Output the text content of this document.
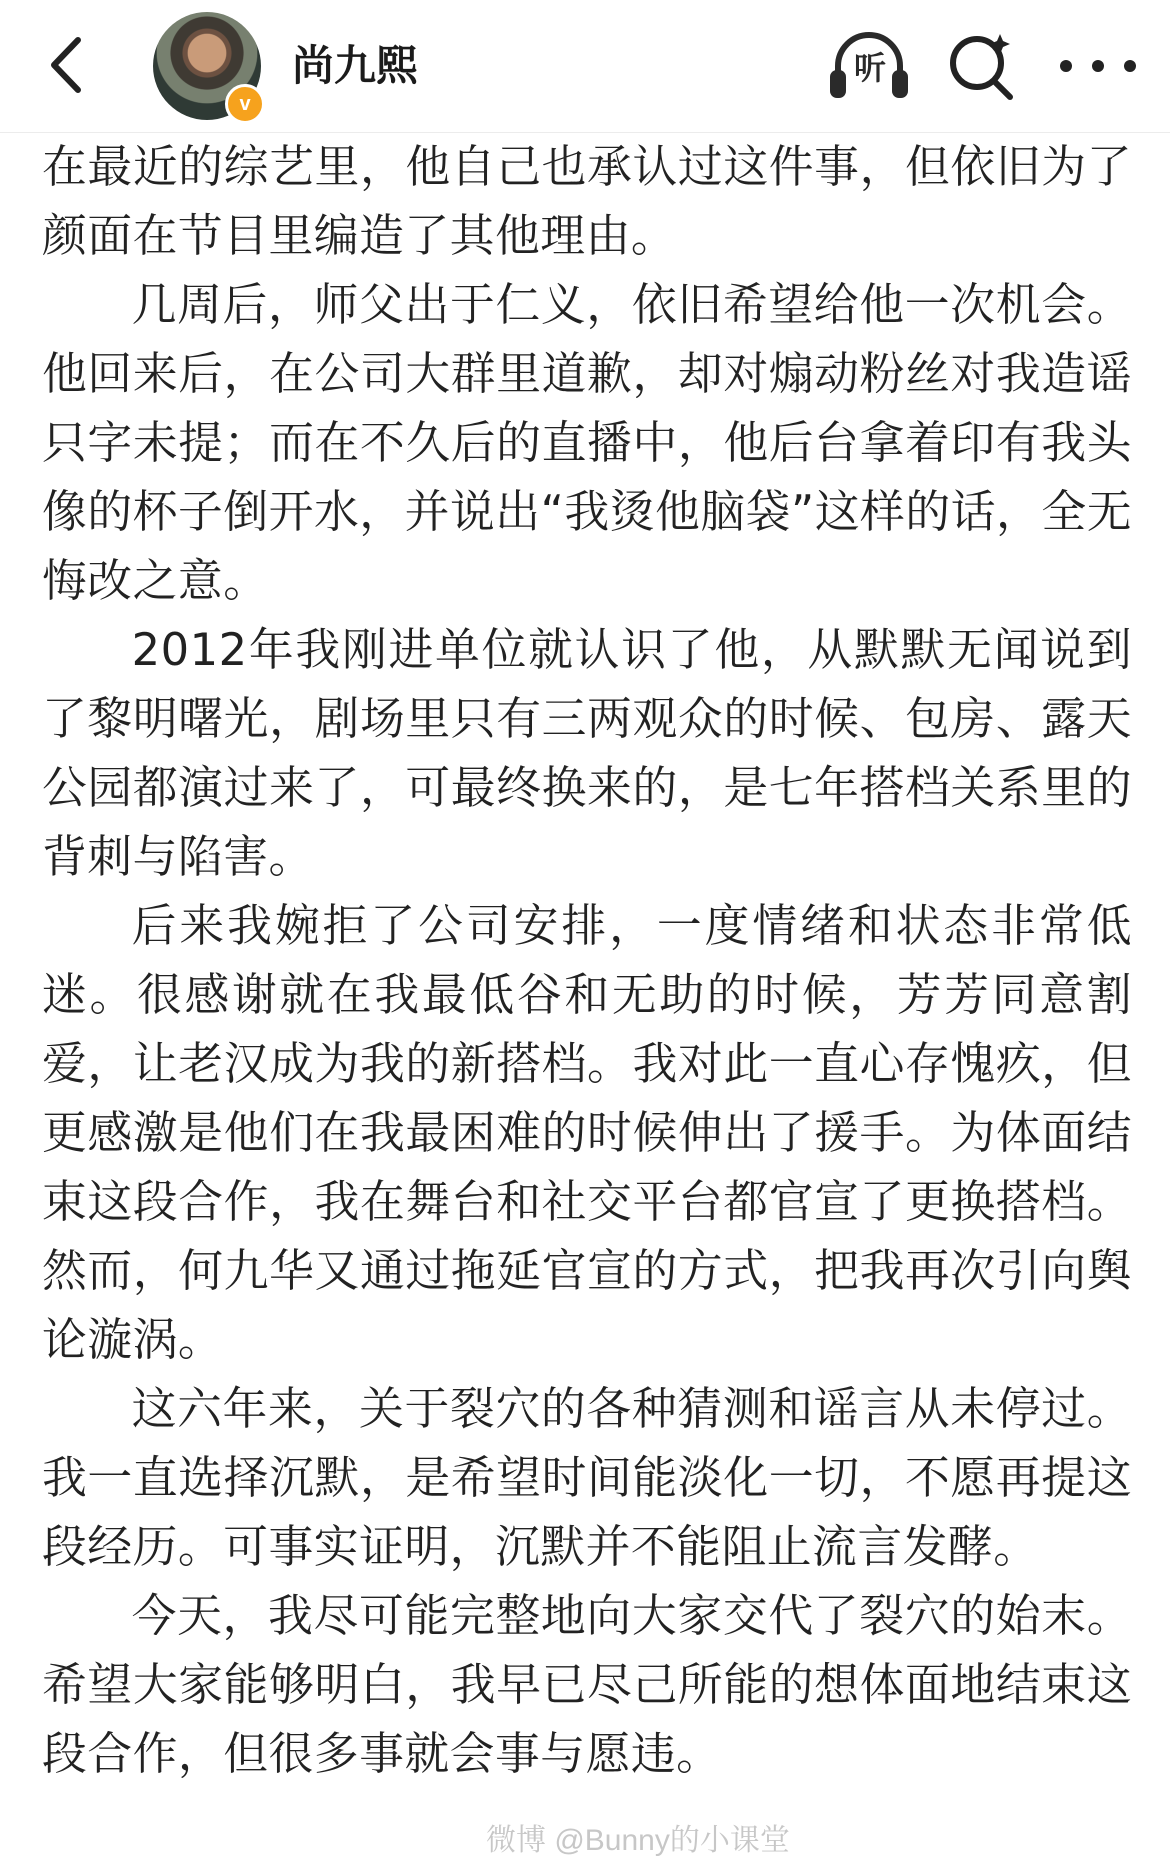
v
尚九熙	听

在最近的综艺里，他自己也承认过这件事，但依旧为了颜面在节目里编造了其他理由。

几周后，师父出于仁义，依旧希望给他一次机会。他回来后，在公司大群里道歉，却对煽动粉丝对我造谣只字未提；而在不久后的直播中，他后台拿着印有我头像的杯子倒开水，并说出“我烫他脑袋”这样的话，全无悔改之意。

2012年我刚进单位就认识了他，从默默无闻说到了黎明曙光，剧场里只有三两观众的时候、包房、露天公园都演过来了，可最终换来的，是七年搭档关系里的背刺与陷害。

后来我婉拒了公司安排，一度情绪和状态非常低迷。很感谢就在我最低谷和无助的时候，芳芳同意割爱，让老汉成为我的新搭档。我对此一直心存愧疚，但更感激是他们在我最困难的时候伸出了援手。为体面结束这段合作，我在舞台和社交平台都官宣了更换搭档。然而，何九华又通过拖延官宣的方式，把我再次引向舆论漩涡。

这六年来，关于裂穴的各种猜测和谣言从未停过。我一直选择沉默，是希望时间能淡化一切，不愿再提这段经历。可事实证明，沉默并不能阻止流言发酵。

今天，我尽可能完整地向大家交代了裂穴的始末。希望大家能够明白，我早已尽己所能的想体面地结束这段合作，但很多事就会事与愿违。

微博 @Bunny的小课堂
